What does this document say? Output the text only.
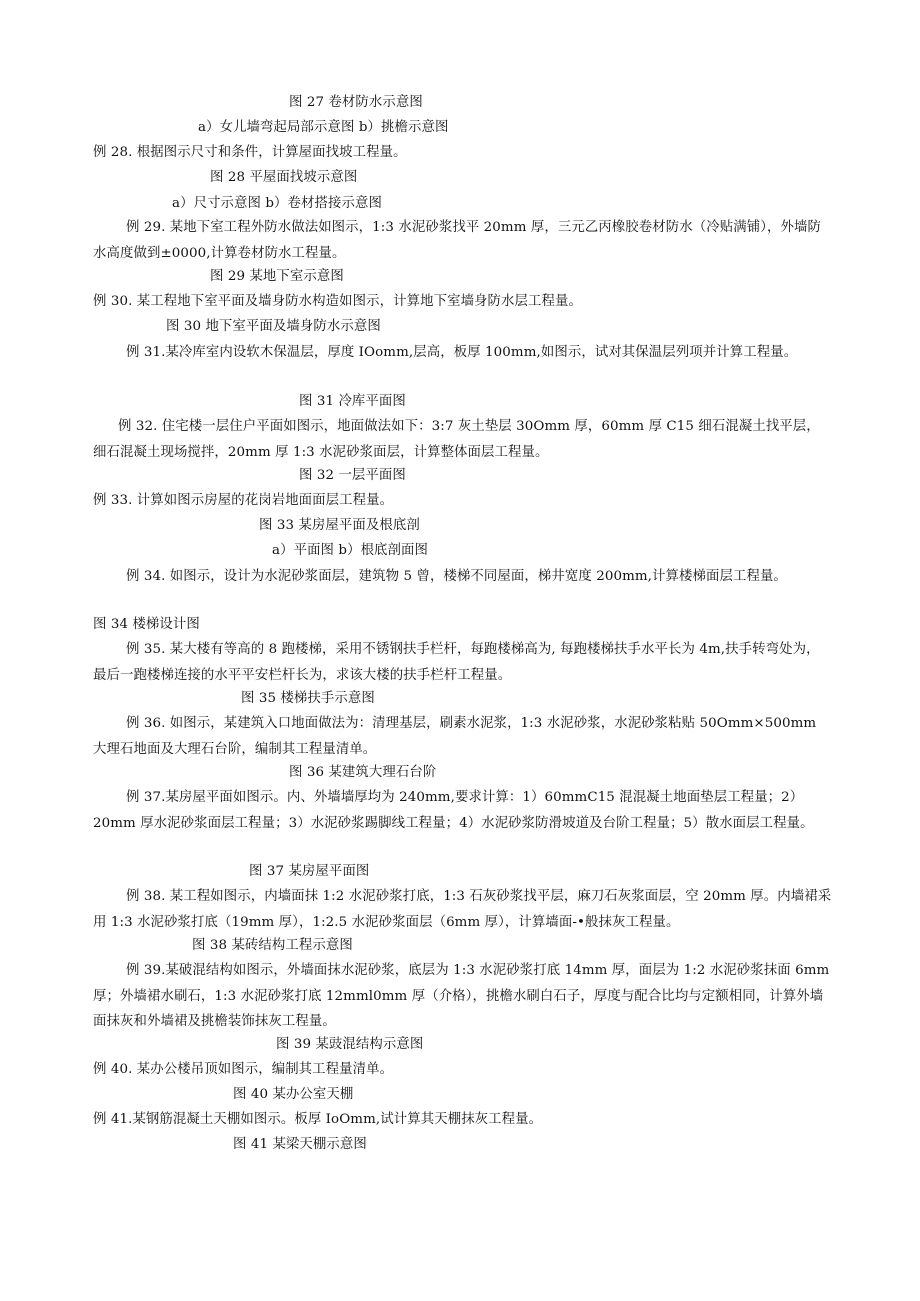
图 27 卷材防水示意图

a）女儿墙弯起局部示意图 b）挑檐示意图

例 28. 根据图示尺寸和条件，计算屋面找坡工程量。

图 28 平屋面找坡示意图

a）尺寸示意图 b）卷材搭接示意图

例 29. 某地下室工程外防水做法如图示，1:3 水泥砂浆找平 20mm 厚，三元乙丙橡胶卷材防水（冷贴满铺），外墙防水高度做到±0000,计算卷材防水工程量。

图 29 某地下室示意图

例 30. 某工程地下室平面及墙身防水构造如图示，计算地下室墙身防水层工程量。

图 30 地下室平面及墙身防水示意图

例 31.某冷库室内设软木保温层，厚度 IOomm,层高，板厚 100mm,如图示，试对其保温层列项并计算工程量。

图 31 冷库平面图

例 32. 住宅楼一层住户平面如图示，地面做法如下：3:7 灰土垫层 30Omm 厚，60mm 厚 C15 细石混凝土找平层，细石混凝土现场搅拌，20mm 厚 1:3 水泥砂浆面层，计算整体面层工程量。

图 32 一层平面图

例 33. 计算如图示房屋的花岗岩地面面层工程量。

图 33 某房屋平面及根底剖

a）平面图 b）根底剖面图

例 34. 如图示，设计为水泥砂浆面层，建筑物 5 曾，楼梯不同屋面，梯井宽度 200mm,计算楼梯面层工程量。

图 34 楼梯设计图

例 35. 某大楼有等高的 8 跑楼梯，采用不锈钢扶手栏杆，每跑楼梯高为, 每跑楼梯扶手水平长为 4m,扶手转弯处为，最后一跑楼梯连接的水平平安栏杆长为，求该大楼的扶手栏杆工程量。

图 35 楼梯扶手示意图

例 36. 如图示，某建筑入口地面做法为：清理基层，刷素水泥浆，1:3 水泥砂浆，水泥砂浆粘贴 50Omm×500mm 大理石地面及大理石台阶，编制其工程量清单。

图 36 某建筑大理石台阶

例 37.某房屋平面如图示。内、外墙墙厚均为 240mm,要求计算：1）60mmC15 混混凝土地面垫层工程量；2）20mm 厚水泥砂浆面层工程量；3）水泥砂浆踢脚线工程量；4）水泥砂浆防滑坡道及台阶工程量；5）散水面层工程量。

图 37 某房屋平面图

例 38. 某工程如图示，内墙面抹 1:2 水泥砂浆打底，1:3 石灰砂浆找平层，麻刀石灰浆面层，空 20mm 厚。内墙裙采用 1:3 水泥砂浆打底（19mm 厚），1:2.5 水泥砂浆面层（6mm 厚），计算墙面-•般抹灰工程量。

图 38 某砖结构工程示意图

例 39.某破混结构如图示，外墙面抹水泥砂浆，底层为 1:3 水泥砂浆打底 14mm 厚，面层为 1:2 水泥砂浆抹面 6mm 厚；外墙裙水刷石，1:3 水泥砂浆打底 12mml0mm 厚（介格），挑檐水刷白石子，厚度与配合比均与定额相同，计算外墙面抹灰和外墙裙及挑檐装饰抹灰工程量。

图 39 某豉混结构示意图

例 40. 某办公楼吊顶如图示，编制其工程量清单。

图 40 某办公室天棚

例 41.某钢筋混凝土天棚如图示。板厚 IoOmm,试计算其天棚抹灰工程量。

图 41 某梁天棚示意图
